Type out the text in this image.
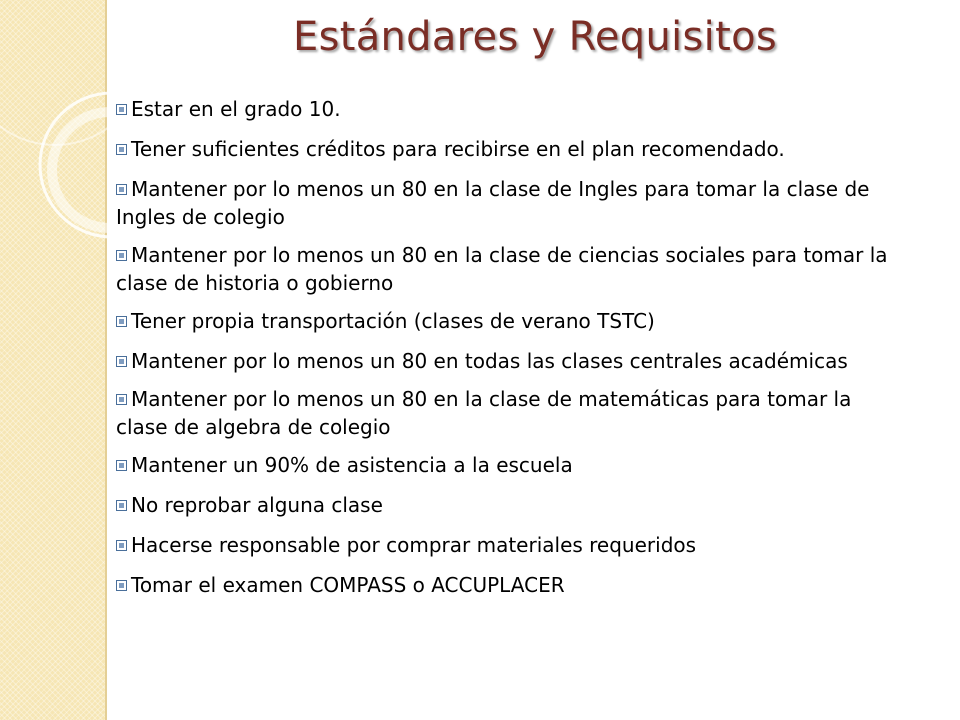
Estándares y Requisitos
Estar en el grado 10.
Tener suficientes créditos para recibirse en el plan recomendado.
Mantener por lo menos un 80 en la clase de Ingles para tomar la clase de Ingles de colegio
Mantener por lo menos un 80 en la clase de ciencias sociales para tomar la clase de historia o gobierno
Tener propia transportación (clases de verano TSTC)
Mantener por lo menos un 80 en todas las clases centrales académicas
Mantener por lo menos un 80 en la clase de matemáticas para tomar la clase de algebra de colegio
Mantener un 90% de asistencia a la escuela
No reprobar alguna clase
Hacerse responsable por comprar materiales requeridos
Tomar el examen COMPASS o ACCUPLACER
